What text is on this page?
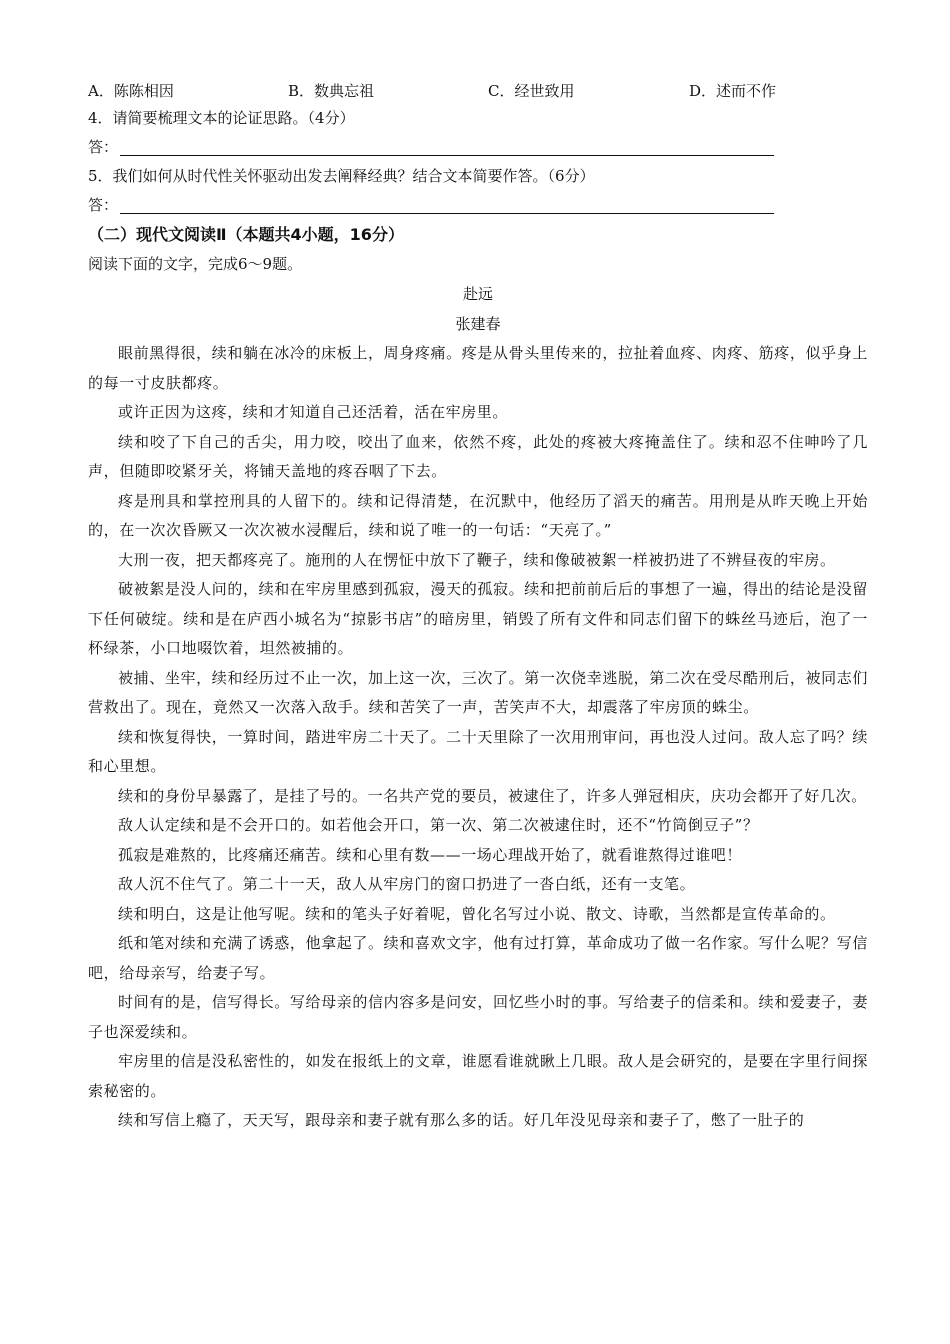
A．陈陈相因	B．数典忘祖	C．经世致用	D．述而不作
4．请简要梳理文本的论证思路。（4分）
答：
5．我们如何从时代性关怀驱动出发去阐释经典？结合文本简要作答。（6分）
答：
（二）现代文阅读Ⅱ（本题共4小题，16分）
阅读下面的文字，完成6～9题。
赴远
张建春

眼前黑得很，续和躺在冰冷的床板上，周身疼痛。疼是从骨头里传来的，拉扯着血疼、肉疼、筋疼，似乎身上的每一寸皮肤都疼。

或许正因为这疼，续和才知道自己还活着，活在牢房里。

续和咬了下自己的舌尖，用力咬，咬出了血来，依然不疼，此处的疼被大疼掩盖住了。续和忍不住呻吟了几声，但随即咬紧牙关，将铺天盖地的疼吞咽了下去。

疼是刑具和掌控刑具的人留下的。续和记得清楚，在沉默中，他经历了滔天的痛苦。用刑是从昨天晚上开始的，在一次次昏厥又一次次被水浸醒后，续和说了唯一的一句话：“天亮了。”

大刑一夜，把天都疼亮了。施刑的人在愣怔中放下了鞭子，续和像破被絮一样被扔进了不辨昼夜的牢房。

破被絮是没人问的，续和在牢房里感到孤寂，漫天的孤寂。续和把前前后后的事想了一遍，得出的结论是没留下任何破绽。续和是在庐西小城名为“掠影书店”的暗房里，销毁了所有文件和同志们留下的蛛丝马迹后，泡了一杯绿茶，小口地啜饮着，坦然被捕的。

被捕、坐牢，续和经历过不止一次，加上这一次，三次了。第一次侥幸逃脱，第二次在受尽酷刑后，被同志们营救出了。现在，竟然又一次落入敌手。续和苦笑了一声，苦笑声不大，却震落了牢房顶的蛛尘。

续和恢复得快，一算时间，踏进牢房二十天了。二十天里除了一次用刑审问，再也没人过问。敌人忘了吗？续和心里想。

续和的身份早暴露了，是挂了号的。一名共产党的要员，被逮住了，许多人弹冠相庆，庆功会都开了好几次。

敌人认定续和是不会开口的。如若他会开口，第一次、第二次被逮住时，还不“竹筒倒豆子”？

孤寂是难熬的，比疼痛还痛苦。续和心里有数——一场心理战开始了，就看谁熬得过谁吧！

敌人沉不住气了。第二十一天，敌人从牢房门的窗口扔进了一沓白纸，还有一支笔。

续和明白，这是让他写呢。续和的笔头子好着呢，曾化名写过小说、散文、诗歌，当然都是宣传革命的。

纸和笔对续和充满了诱惑，他拿起了。续和喜欢文字，他有过打算，革命成功了做一名作家。写什么呢？写信吧，给母亲写，给妻子写。

时间有的是，信写得长。写给母亲的信内容多是问安，回忆些小时的事。写给妻子的信柔和。续和爱妻子，妻子也深爱续和。

牢房里的信是没私密性的，如发在报纸上的文章，谁愿看谁就瞅上几眼。敌人是会研究的，是要在字里行间探索秘密的。

续和写信上瘾了，天天写，跟母亲和妻子就有那么多的话。好几年没见母亲和妻子了，憋了一肚子的
